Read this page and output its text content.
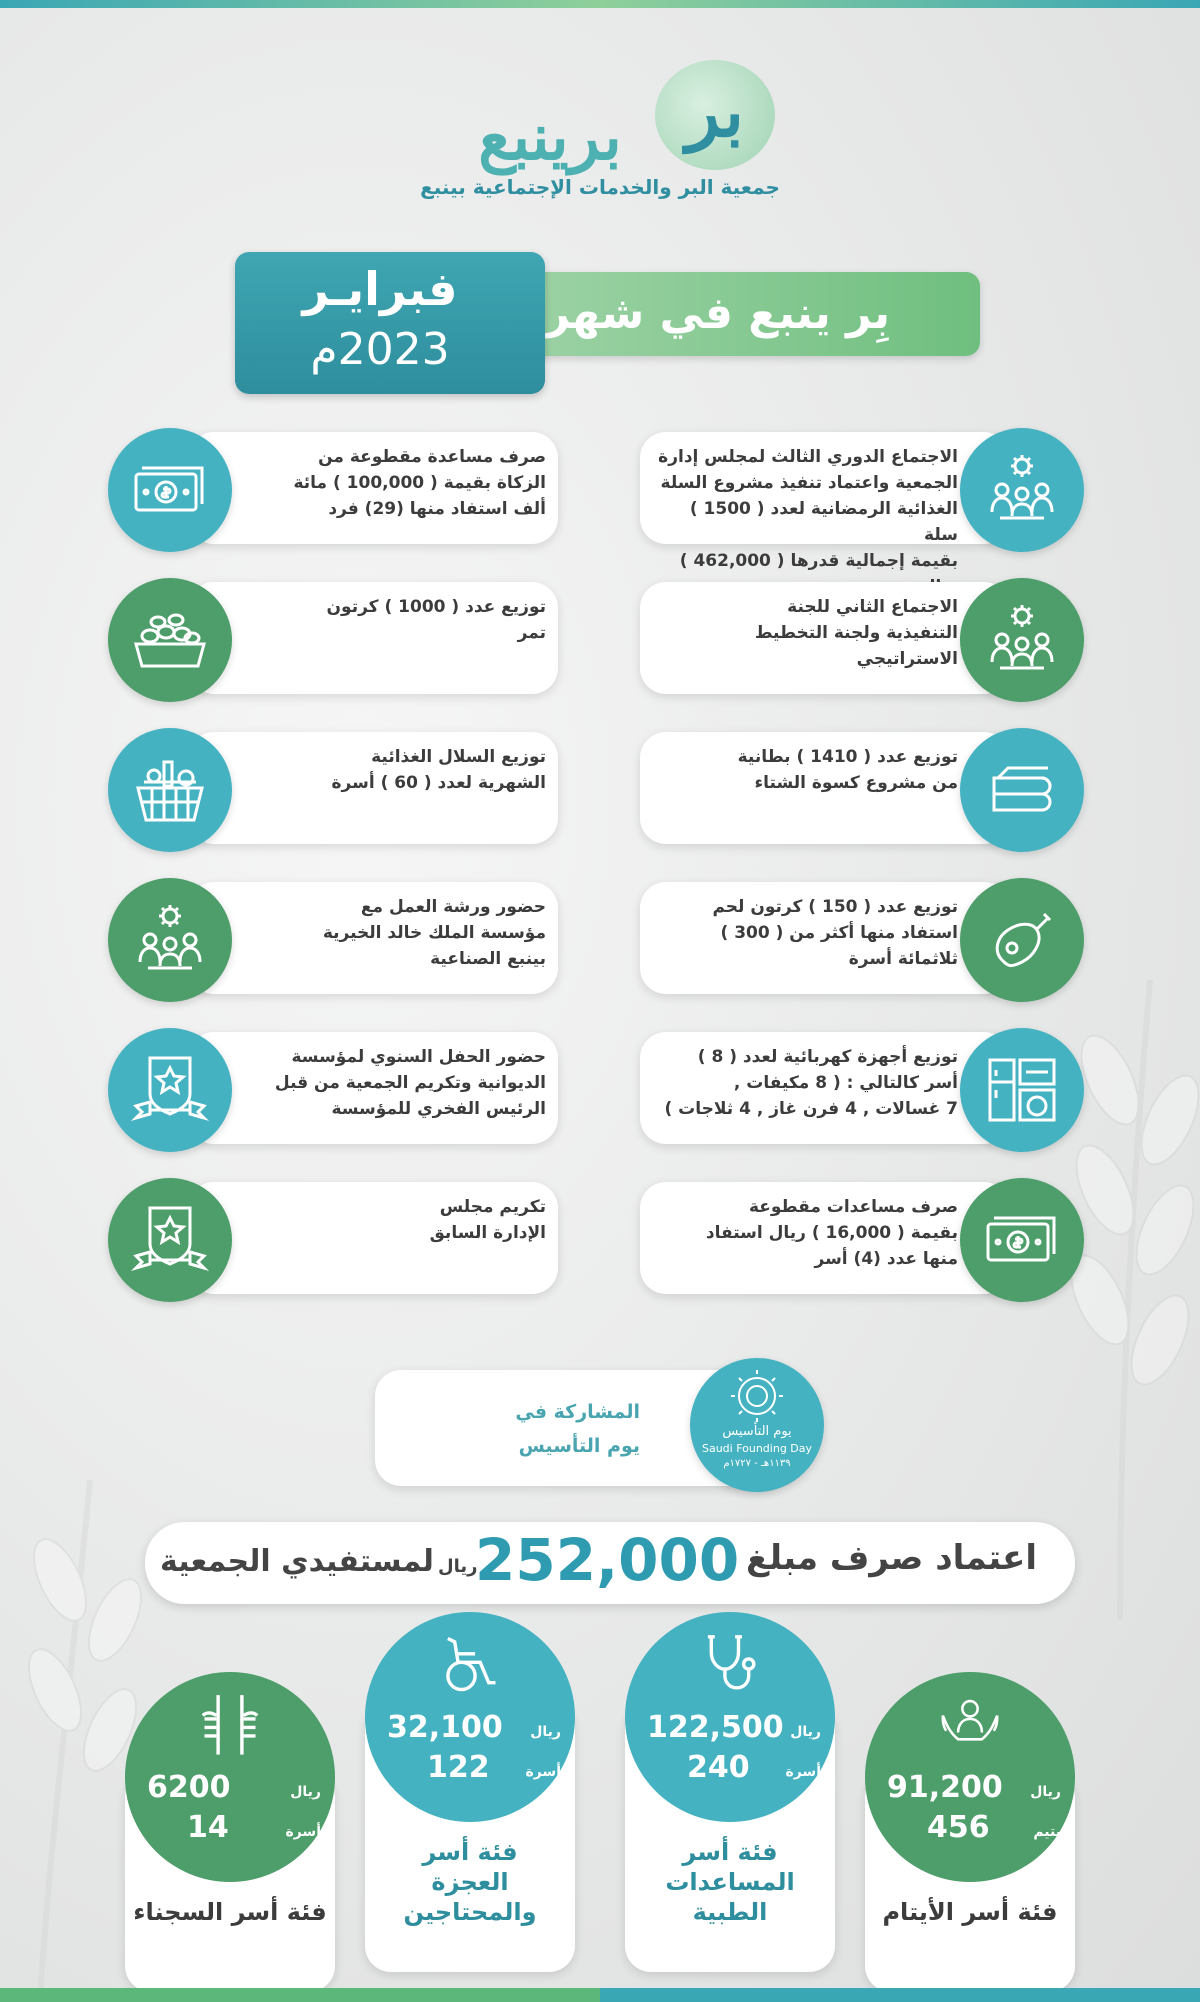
بر
برينبع
جمعية البر والخدمات الإجتماعية بينبع
بِر ينبع في شهر
فبرايـر
2023م
الاجتماع الدوري الثالث لمجلس إدارة
الجمعية واعتماد تنفيذ مشروع السلة
الغذائية الرمضانية لعدد ( 1500 ) سلة
بقيمة إجمالية قدرها ( 462,000 )
الاجتماع الثاني للجنة
التنفيذية ولجنة التخطيط
الاستراتيجي
توزيع عدد ( 1410 ) بطانية
من مشروع كسوة الشتاء
توزيع عدد ( 150 ) كرتون لحم
استفاد منها أكثر من ( 300 )
ثلاثمائة أسرة
توزيع أجهزة كهربائية لعدد ( 8 )
أسر كالتالي : ( 8 مكيفات ,
7 غسالات , 4 فرن غاز , 4 ثلاجات )
صرف مساعدات مقطوعة
بقيمة ( 16,000 ) ريال استفاد
منها عدد (4) أسر
صرف مساعدة مقطوعة من
الزكاة بقيمة ( 100,000 ) مائة
ألف استفاد منها (29) فرد
توزيع عدد ( 1000 ) كرتون
تمر
توزيع السلال الغذائية
الشهرية لعدد ( 60 ) أسرة
حضور ورشة العمل مع
مؤسسة الملك خالد الخيرية
بينبع الصناعية
حضور الحفل السنوي لمؤسسة
الديوانية وتكريم الجمعية من قبل
الرئيس الفخري للمؤسسة
تكريم مجلس
الإدارة السابق
المشاركة في
يوم التأسيس
يوم التأسيس
Saudi Founding Day
١١٣٩هـ - ١٧٢٧م
اعتماد صرف مبلغ
252,000
ريال
لمستفيدي الجمعية
91,200 ريال
456	يتيم
فئة أسر الأيتام
122,500 ريال
240	أسرة
فئة أسر
المساعدات الطبية
32,100 ريال
122	أسرة
فئة أسر
العجزة والمحتاجين
6200	ريال
14	أسرة
فئة أسر السجناء
